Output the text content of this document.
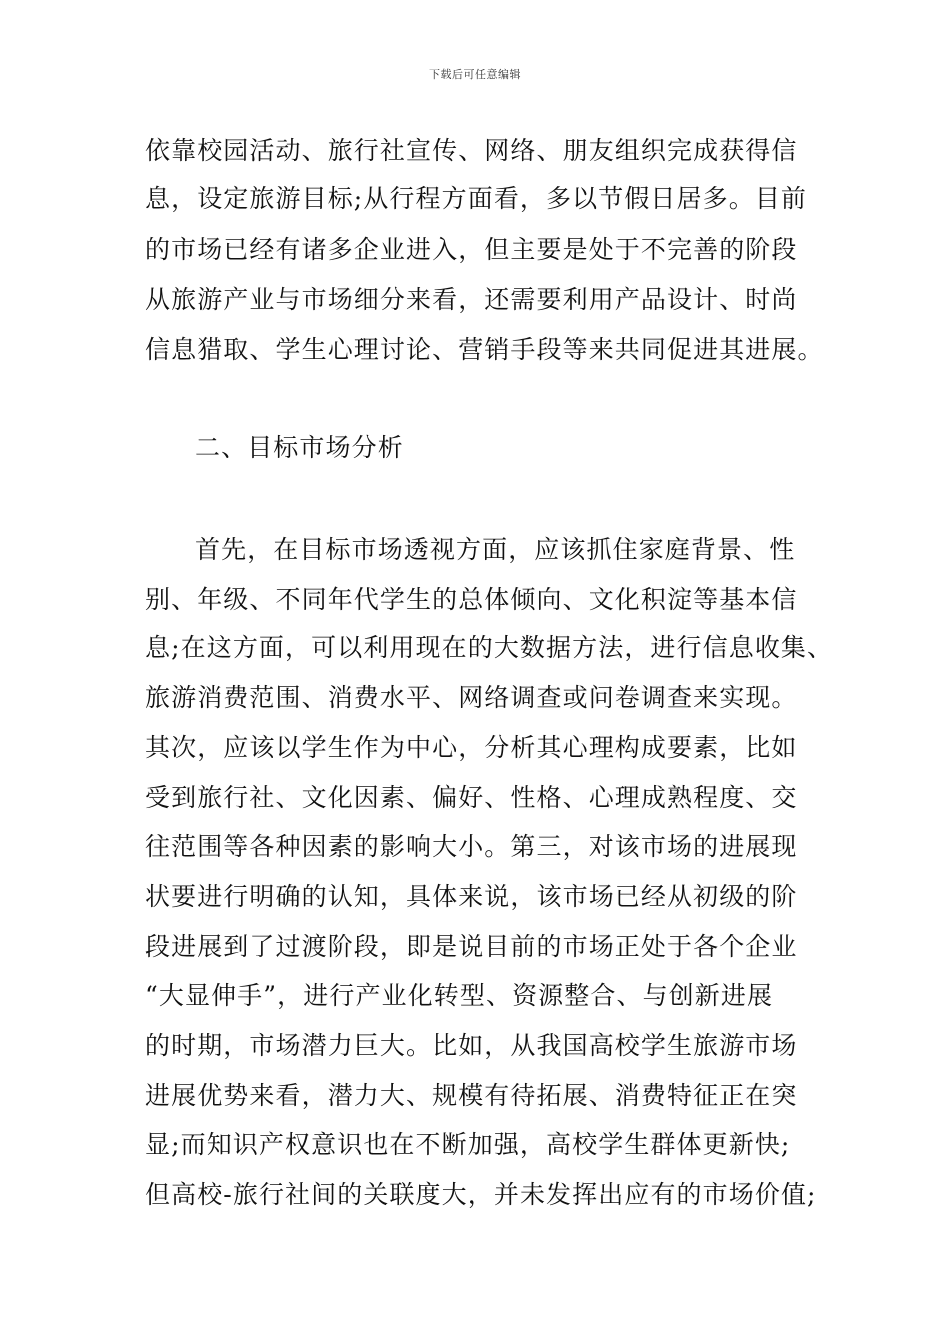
下载后可任意编辑
依靠校园活动、旅行社宣传、网络、朋友组织完成获得信
息，设定旅游目标;从行程方面看，多以节假日居多。目前
的市场已经有诸多企业进入，但主要是处于不完善的阶段
从旅游产业与市场细分来看，还需要利用产品设计、时尚
信息猎取、学生心理讨论、营销手段等来共同促进其进展。
二、目标市场分析
首先，在目标市场透视方面，应该抓住家庭背景、性
别、年级、不同年代学生的总体倾向、文化积淀等基本信
息;在这方面，可以利用现在的大数据方法，进行信息收集、
旅游消费范围、消费水平、网络调查或问卷调查来实现。
其次，应该以学生作为中心，分析其心理构成要素，比如
受到旅行社、文化因素、偏好、性格、心理成熟程度、交
往范围等各种因素的影响大小。第三，对该市场的进展现
状要进行明确的认知，具体来说，该市场已经从初级的阶
段进展到了过渡阶段，即是说目前的市场正处于各个企业
“大显伸手”，进行产业化转型、资源整合、与创新进展
的时期，市场潜力巨大。比如，从我国高校学生旅游市场
进展优势来看，潜力大、规模有待拓展、消费特征正在突
显;而知识产权意识也在不断加强，高校学生群体更新快;
但高校-旅行社间的关联度大，并未发挥出应有的市场价值;
